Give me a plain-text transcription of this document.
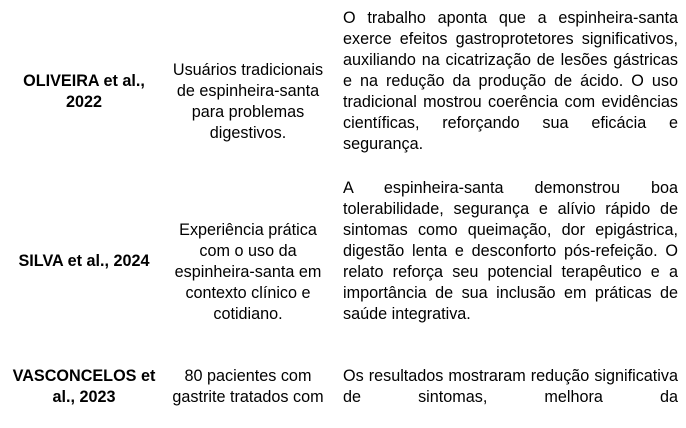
OLIVEIRA et al., 2022
Usuários tradicionais de espinheira-santa para problemas digestivos.
O trabalho aponta que a espinheira-santa exerce efeitos gastroprotetores significativos, auxiliando na cicatrização de lesões gástricas e na redução da produção de ácido. O uso tradicional mostrou coerência com evidências científicas, reforçando sua eficácia e segurança.
SILVA et al., 2024
Experiência prática com o uso da espinheira-santa em contexto clínico e cotidiano.
A espinheira-santa demonstrou boa tolerabilidade, segurança e alívio rápido de sintomas como queimação, dor epigástrica, digestão lenta e desconforto pós-refeição. O relato reforça seu potencial terapêutico e a importância de sua inclusão em práticas de saúde integrativa.
VASCONCELOS et al., 2023
80 pacientes com gastrite tratados com
Os resultados mostraram redução significativa de sintomas, melhora da
